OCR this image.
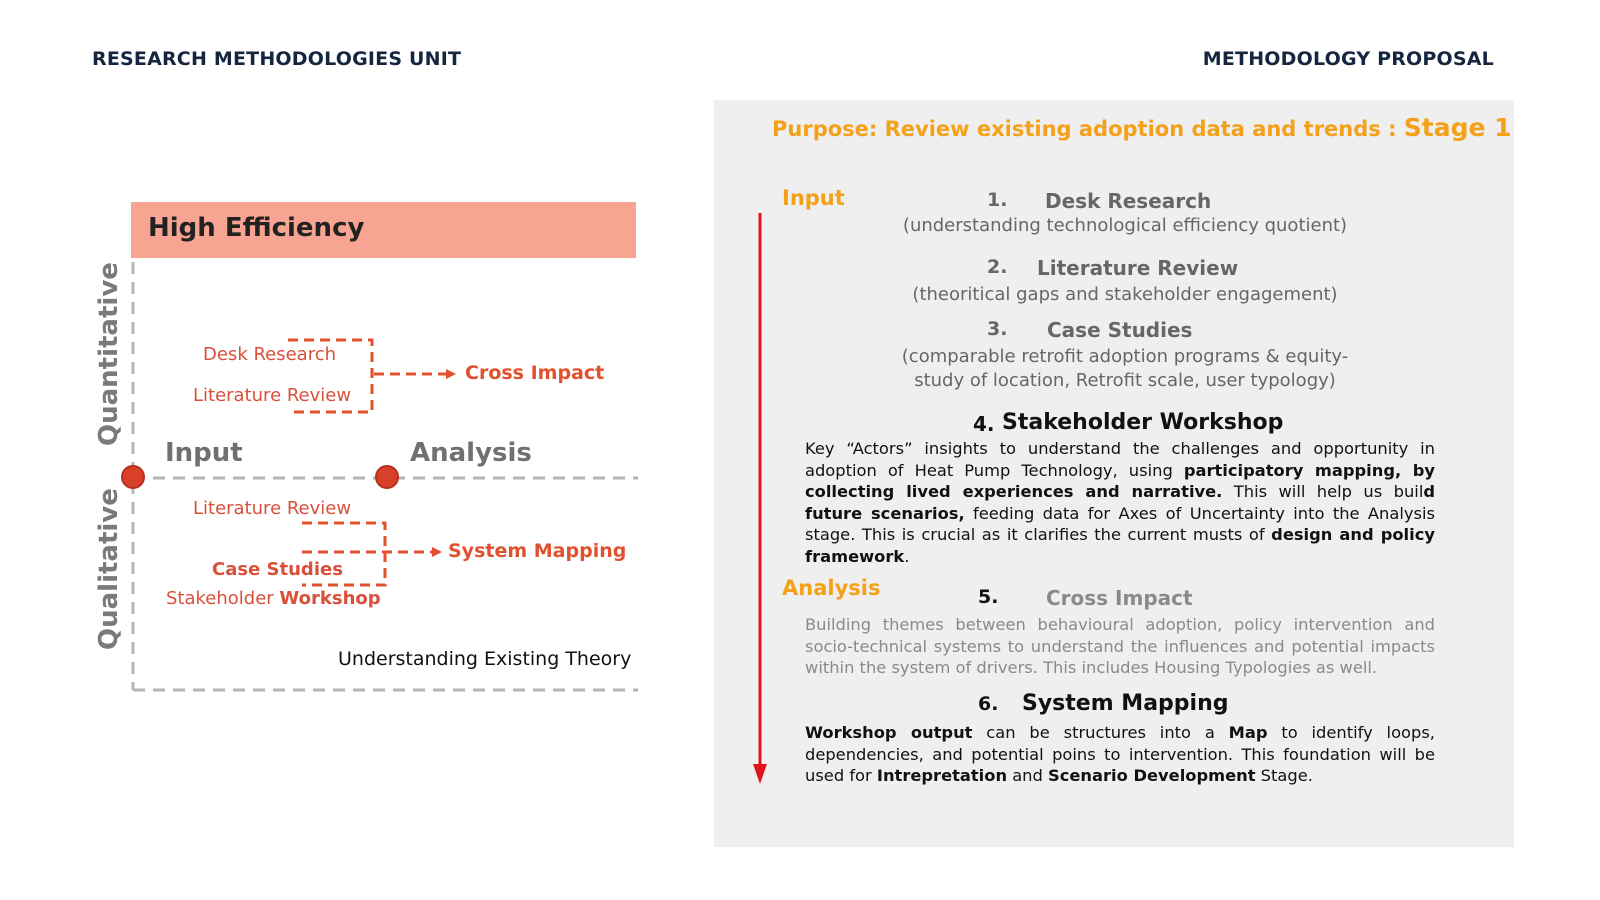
RESEARCH METHODOLOGIES UNIT	METHODOLOGY PROPOSAL
High Efficiency
Quantitative
Qualitative
Input	Analysis
Desk Research
Literature Review
Cross Impact
Literature Review
Case Studies
Stakeholder Workshop
System Mapping
Understanding Existing Theory
Purpose: Review existing adoption data and trends : Stage 1
Input
Analysis
1. Desk Research
(understanding technological efficiency quotient)
2. Literature Review
(theoritical gaps and stakeholder engagement)
3. Case Studies
(comparable retrofit adoption programs & equity-
study of location, Retrofit scale, user typology)
4. Stakeholder Workshop
Key “Actors” insights to understand the challenges and opportunity in adoption of Heat Pump Technology, using participatory mapping, by collecting lived experiences and narrative. This will help us build future scenarios, feeding data for Axes of Uncertainty into the Analysis stage. This is crucial as it clarifies the current musts of design and policy framework.
5. Cross Impact
Building themes between behavioural adoption, policy intervention and socio-technical systems to understand the influences and potential impacts within the system of drivers. This includes Housing Typologies as well.
6. System Mapping
Workshop output can be structures into a Map to identify loops, dependencies, and potential poins to intervention. This foundation will be used for Intrepretation and Scenario Development Stage.
